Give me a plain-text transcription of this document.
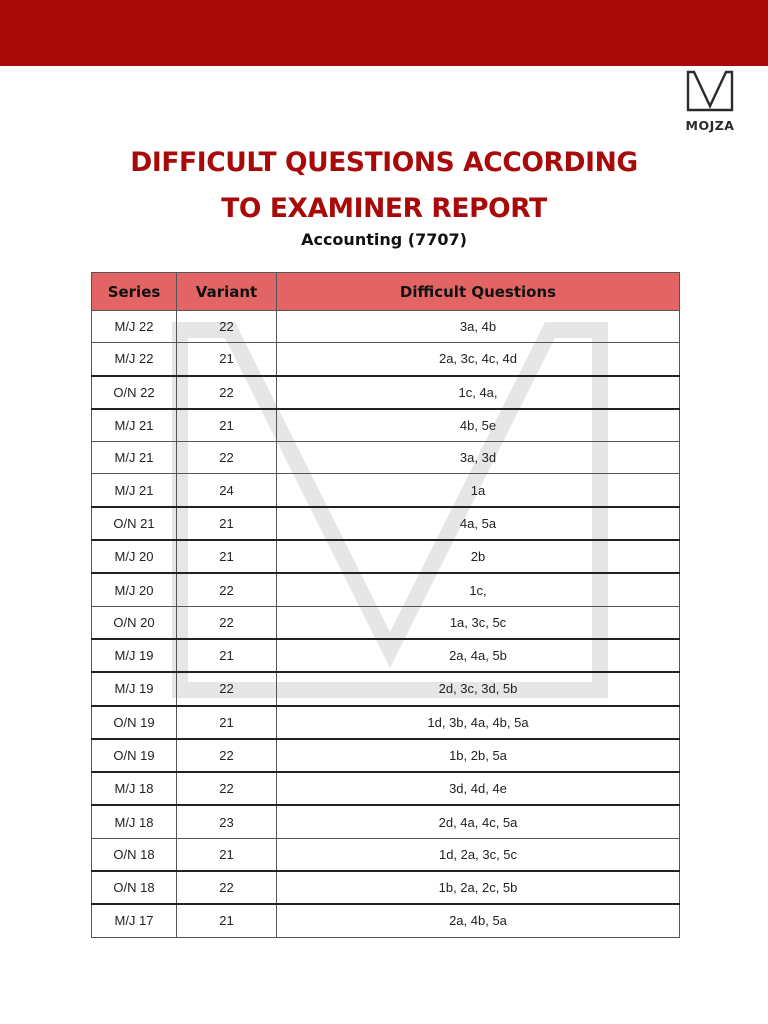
MOJZA
DIFFICULT QUESTIONS ACCORDING
TO EXAMINER REPORT

Accounting (7707)

Series	Variant	Difficult Questions
M/J 22	22	3a, 4b
M/J 22	21	2a, 3c, 4c, 4d
O/N 22	22	1c, 4a,
M/J 21	21	4b, 5e
M/J 21	22	3a, 3d
M/J 21	24	1a
O/N 21	21	4a, 5a
M/J 20	21	2b
M/J 20	22	1c,
O/N 20	22	1a, 3c, 5c
M/J 19	21	2a, 4a, 5b
M/J 19	22	2d, 3c, 3d, 5b
O/N 19	21	1d, 3b, 4a, 4b, 5a
O/N 19	22	1b, 2b, 5a
M/J 18	22	3d, 4d, 4e
M/J 18	23	2d, 4a, 4c, 5a
O/N 18	21	1d, 2a, 3c, 5c
O/N 18	22	1b, 2a, 2c, 5b
M/J 17	21	2a, 4b, 5a
